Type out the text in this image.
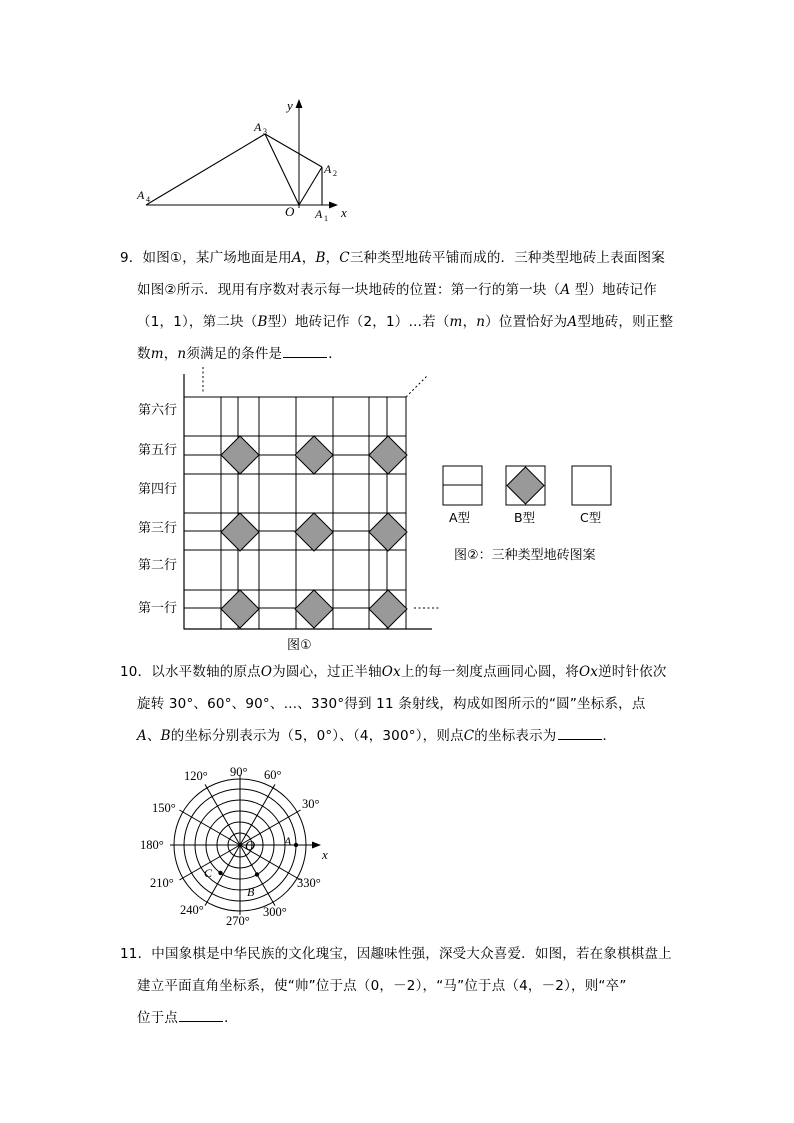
y
x
O A 1
A 2
A 3
A 4
第六行
第五行
第四行
第三行
第二行
第一行
图①
A型	B型	C型
图②：三种类型地砖图案
A
B
C
O
x
90° 60°
120°
30°
150°
180°
210°	330°
240°	300°
270°

9．如图①，某广场地面是用A，B，C三种类型地砖平铺而成的．三种类型地砖上表面图案

如图②所示．现用有序数对表示每一块地砖的位置：第一行的第一块（A 型）地砖记作

（1，1），第二块（B型）地砖记作（2，1）…若（m，n）位置恰好为A型地砖，则正整

数m，n须满足的条件是	．

10．以水平数轴的原点O为圆心，过正半轴Ox上的每一刻度点画同心圆，将Ox逆时针依次

旋转 30°、60°、90°、…、330°得到 11 条射线，构成如图所示的“圆”坐标系，点

A、B的坐标分别表示为（5，0°）、（4，300°），则点C的坐标表示为	．

11．中国象棋是中华民族的文化瑰宝，因趣味性强，深受大众喜爱．如图，若在象棋棋盘上

建立平面直角坐标系，使“帅”位于点（0，－2），“马”位于点（4，－2），则“卒”

位于点	．
